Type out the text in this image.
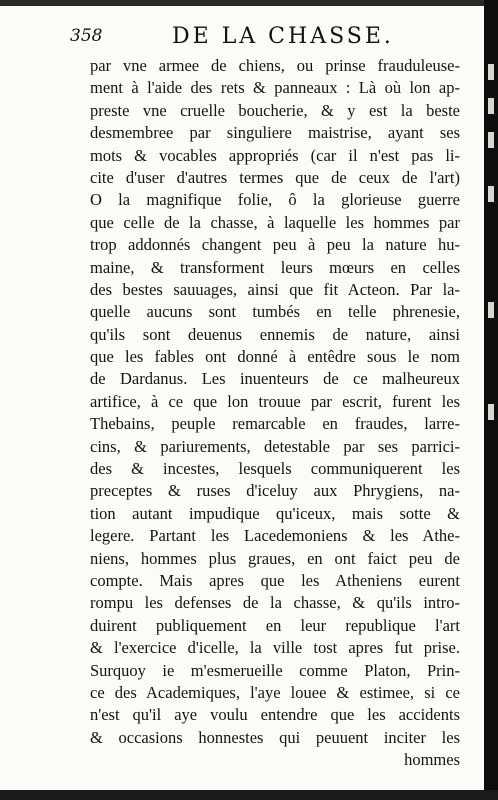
358	DE LA CHASSE.
par vne armee de chiens, ou prinse frauduleuse-
ment à l'aide des rets & panneaux : Là où lon ap-
preste vne cruelle boucherie, & y est la beste
desmembree par singuliere maistrise, ayant ses
mots & vocables appropriés (car il n'est pas li-
cite d'user d'autres termes que de ceux de l'art)
O la magnifique folie, ô la glorieuse guerre
que celle de la chasse, à laquelle les hommes par
trop addonnés changent peu à peu la nature hu-
maine, & transforment leurs mœurs en celles
des bestes sauuages, ainsi que fit Acteon. Par la-
quelle aucuns sont tumbés en telle phrenesie,
qu'ils sont deuenus ennemis de nature, ainsi
que les fables ont donné à entêdre sous le nom
de Dardanus. Les inuenteurs de ce malheureux
artifice, à ce que lon trouue par escrit, furent les
Thebains, peuple remarcable en fraudes, larre-
cins, & pariurements, detestable par ses parrici-
des & incestes, lesquels communiquerent les
preceptes & ruses d'iceluy aux Phrygiens, na-
tion autant impudique qu'iceux, mais sotte &
legere. Partant les Lacedemoniens & les Athe-
niens, hommes plus graues, en ont faict peu de
compte. Mais apres que les Atheniens eurent
rompu les defenses de la chasse, & qu'ils intro-
duirent publiquement en leur republique l'art
& l'exercice d'icelle, la ville tost apres fut prise.
Surquoy ie m'esmerueille comme Platon, Prin-
ce des Academiques, l'aye louee & estimee, si ce
n'est qu'il aye voulu entendre que les accidents
& occasions honnestes qui peuuent inciter les
hommes
